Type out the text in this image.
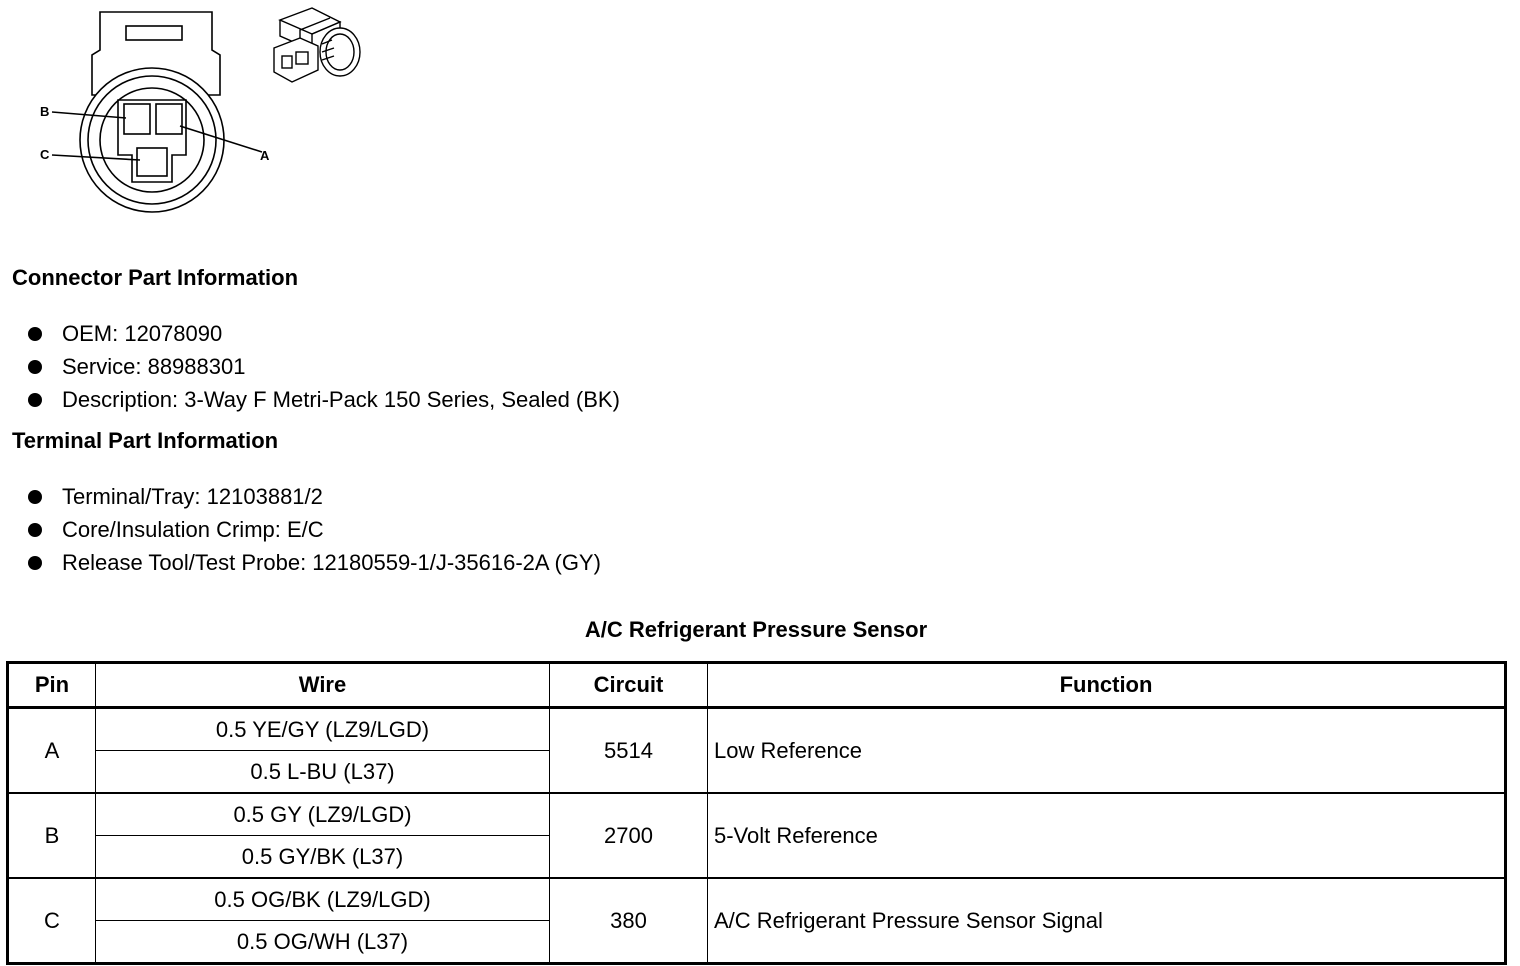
B
C	A
Connector Part Information
OEM: 12078090
Service: 88988301
Description: 3-Way F Metri-Pack 150 Series, Sealed (BK)
Terminal Part Information
Terminal/Tray: 12103881/2
Core/Insulation Crimp: E/C
Release Tool/Test Probe: 12180559-1/J-35616-2A (GY)
A/C Refrigerant Pressure Sensor
Pin	Wire	Circuit	Function
A	0.5 YE/GY (LZ9/LGD)	5514	Low Reference
	0.5 L-BU (L37)		
B	0.5 GY (LZ9/LGD)	2700	5-Volt Reference
	0.5 GY/BK (L37)		
C	0.5 OG/BK (LZ9/LGD)	380	A/C Refrigerant Pressure Sensor Signal
	0.5 OG/WH (L37)		
